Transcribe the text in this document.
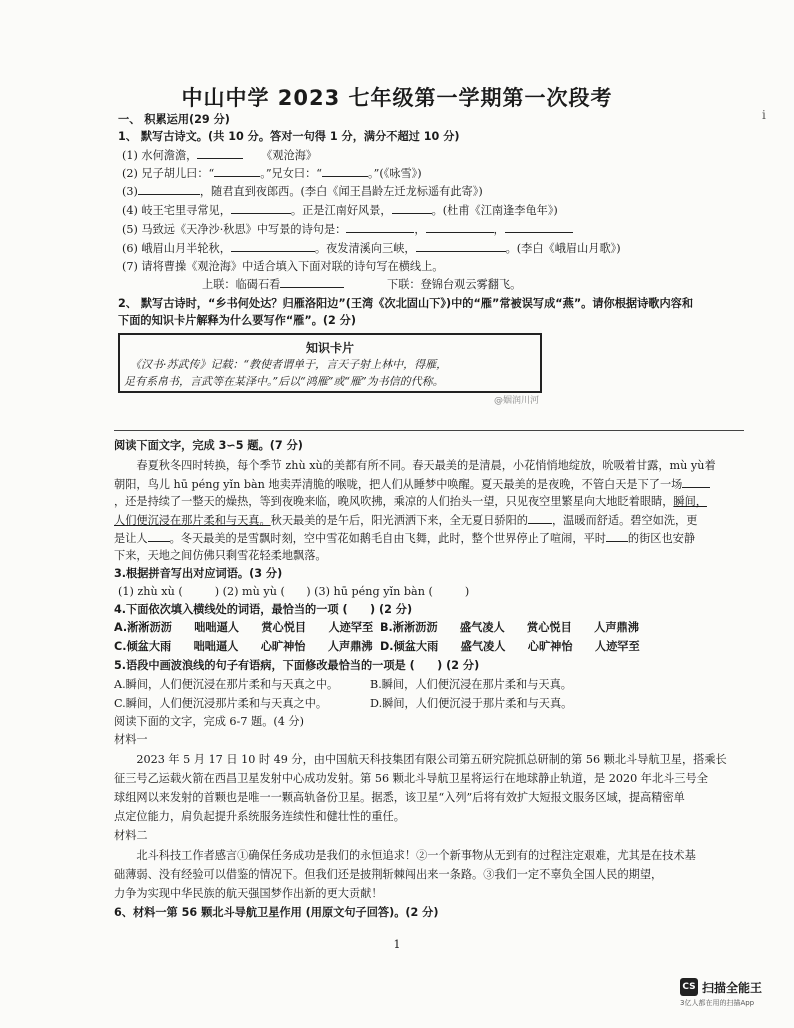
中山中学 2023 七年级第一学期第一次段考
i
一、 积累运用(29 分)
1、 默写古诗文。(共 10 分。答对一句得 1 分，满分不超过 10 分)
(1) 水何澹澹，	《观沧海》
(2) 兄子胡儿曰：“	。”兄女曰：“	。”(《咏雪》)
(3)	，随君直到夜郎西。(李白《闻王昌龄左迁龙标遥有此寄》)
(4) 岐王宅里寻常见，	。正是江南好风景，	。(杜甫《江南逢李龟年》)
(5) 马致远《天净沙·秋思》中写景的诗句是：	，	，
(6) 峨眉山月半轮秋，	。夜发清溪向三峡，	。(李白《峨眉山月歌》)
(7) 请将曹操《观沧海》中适合填入下面对联的诗句写在横线上。
上联：临碣石看	下联：登锦台观云雾翻飞。
2、 默写古诗时，“乡书何处达？归雁洛阳边”(王湾《次北固山下》)中的“雁”常被误写成“燕”。请你根据诗歌内容和
下面的知识卡片解释为什么要写作“雁”。(2 分)
知识卡片
《汉书·苏武传》记载：“教使者谓单于，言天子射上林中，得雁，
足有系帛书，言武等在某泽中。”后以“鸿雁”或“雁”为书信的代称。
@姻润川河
阅读下面文字，完成 3∽5 题。(7 分)
　　春夏秋冬四时转换，每个季节 zhù xù的美都有所不同。春天最美的是清晨，小花悄悄地绽放，吮吸着甘露，mù yù着
朝阳，鸟儿 hū péng yǐn bàn 地卖弄清脆的喉咙，把人们从睡梦中唤醒。夏天最美的是夜晚，不管白天是下了一场
，还是持续了一整天的燥热，等到夜晚来临，晚风吹拂，乘凉的人们抬头一望，只见夜空里繁星向大地眨着眼睛，瞬间，
人们便沉浸在那片柔和与天真。秋天最美的是午后，阳光洒洒下来，全无夏日骄阳的 ，温暖而舒适。碧空如洗，更
是让人 。冬天最美的是雪飘时刻，空中雪花如鹅毛自由飞舞，此时，整个世界停止了喧闹，平时 的街区也安静
下来，天地之间仿佛只剩雪花轻柔地飘落。
3.根据拼音写出对应词语。(3 分)
(1) zhù xù (	) (2) mù yù ( ) (3) hū péng yǐn bàn (	)
4.下面依次填入横线处的词语，最恰当的一项 (　　) (2 分)
A.淅淅沥沥　　咄咄逼人　　赏心悦目　　人迹罕至 B.淅淅沥沥　　盛气凌人　　赏心悦目　　人声鼎沸
C.倾盆大雨　　咄咄逼人　　心旷神怡　　人声鼎沸 D.倾盆大雨　　盛气凌人　　心旷神怡　　人迹罕至
5.语段中画波浪线的句子有语病，下面修改最恰当的一项是 (　　) (2 分)
A.瞬间，人们便沉浸在那片柔和与天真之中。	B.瞬间，人们便沉浸在那片柔和与天真。
C.瞬间，人们便沉浸那片柔和与天真之中。	D.瞬间，人们便沉浸于那片柔和与天真。
阅读下面的文字，完成 6-7 题。(4 分)
材料一
　　2023 年 5 月 17 日 10 时 49 分，由中国航天科技集团有限公司第五研究院抓总研制的第 56 颗北斗导航卫星，搭乘长
征三号乙运载火箭在西昌卫星发射中心成功发射。第 56 颗北斗导航卫星将运行在地球静止轨道，是 2020 年北斗三号全
球组网以来发射的首颗也是唯一一颗高轨备份卫星。据悉，该卫星“入列”后将有效扩大短报文服务区域，提高精密单
点定位能力，肩负起提升系统服务连续性和健壮性的重任。
材料二
　　北斗科技工作者感言①确保任务成功是我们的永恒追求！②一个新事物从无到有的过程注定艰难，尤其是在技术基
础薄弱、没有经验可以借鉴的情况下。但我们还是披荆斩棘闯出来一条路。③我们一定不辜负全国人民的期望，
力争为实现中华民族的航天强国梦作出新的更大贡献！
6、材料一第 56 颗北斗导航卫星作用 (用原文句子回答)。(2 分)
1
CS 扫描全能王
3亿人都在用的扫描App
